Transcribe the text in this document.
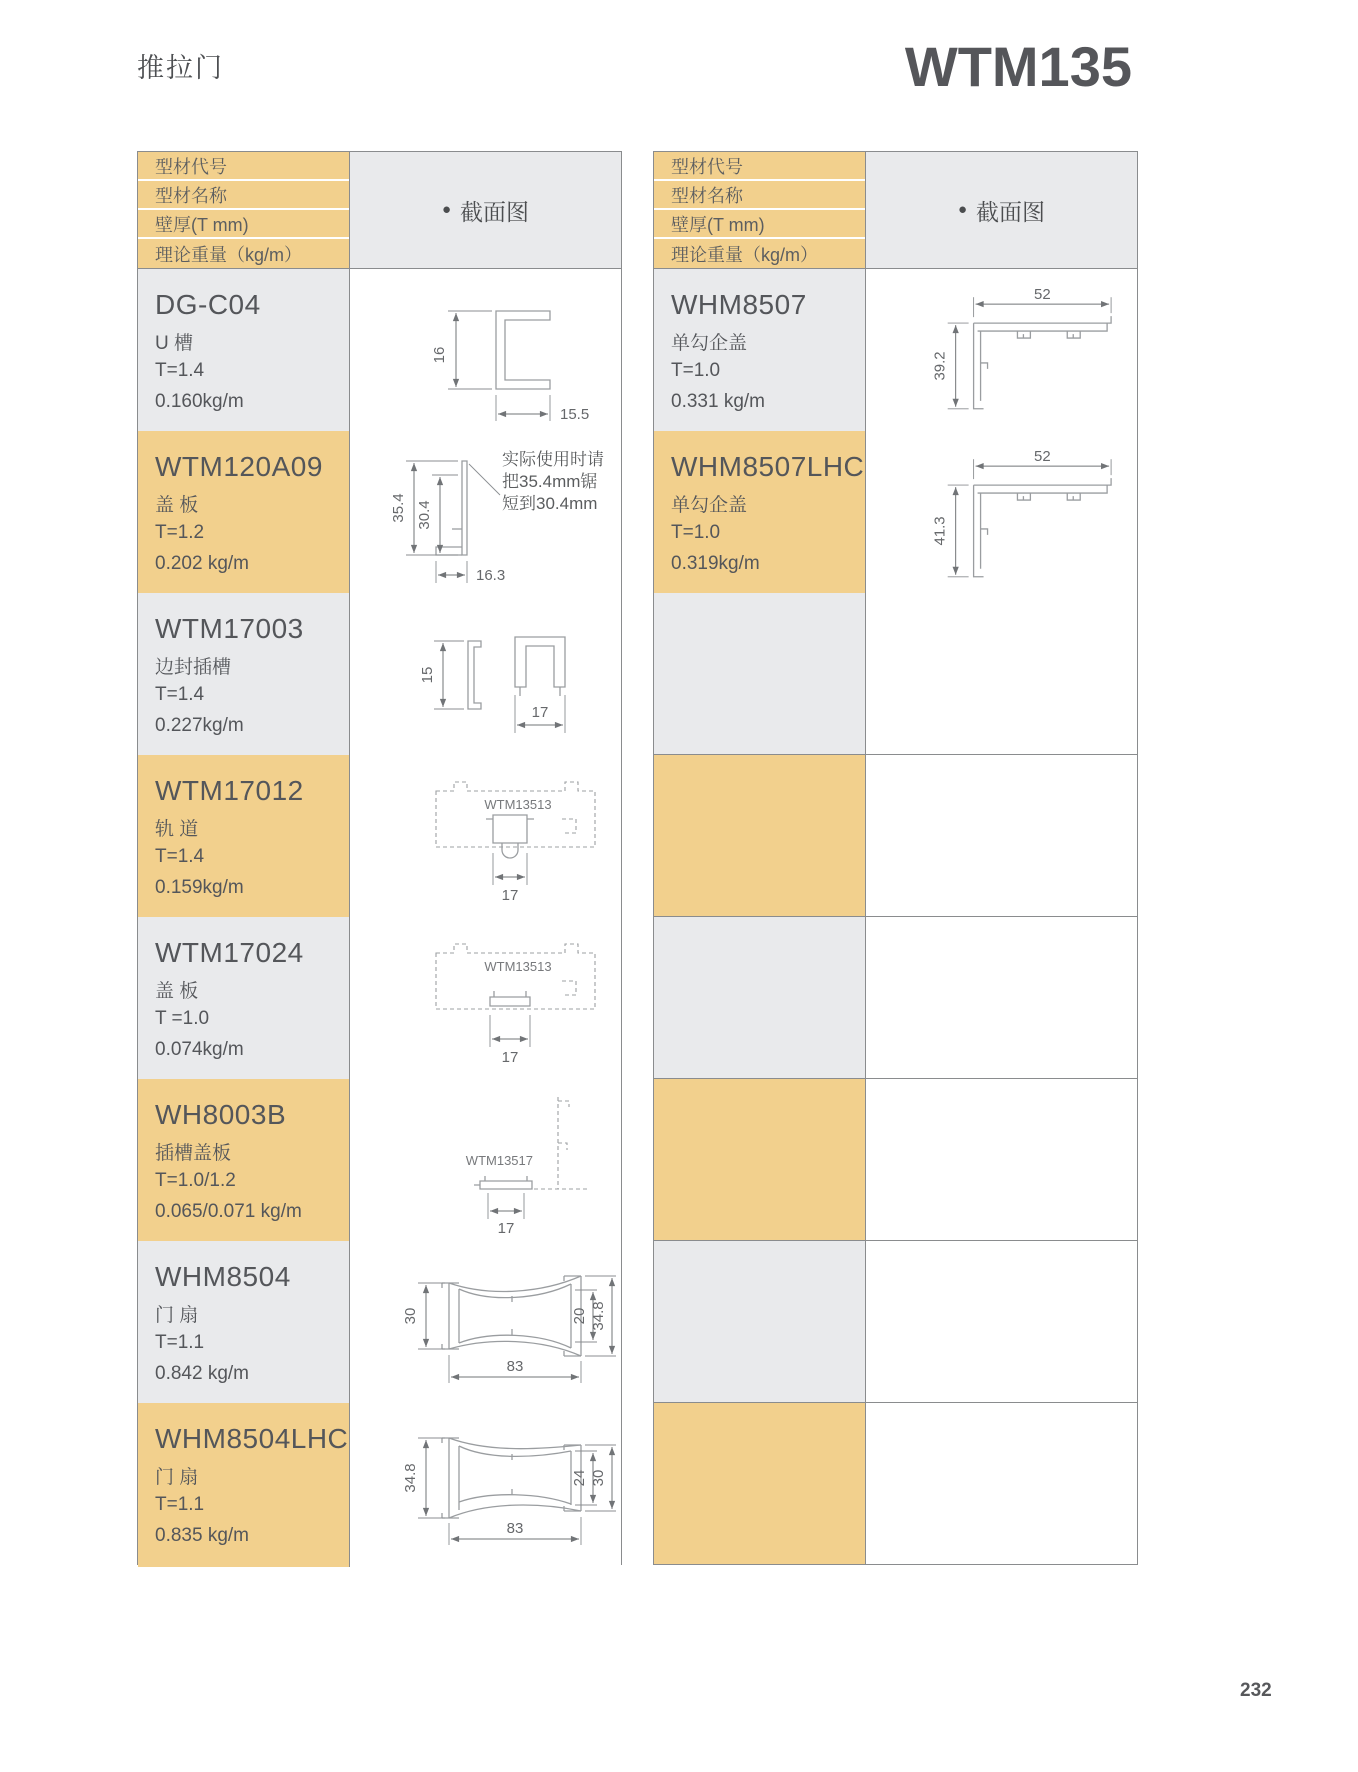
推拉门	WTM135
型材代号
型材名称
壁厚(T mm)
理论重量（kg/m）
● 截面图
DG-C04
U 槽
T=1.4
0.160kg/m
16
15.5
WTM120A09
盖 板
T=1.2
0.202 kg/m
实际使用时请
把35.4mm锯
短到30.4mm
35.4 30.4
16.3
WTM17003
边封插槽
T=1.4
0.227kg/m
15
17
WTM17012
轨 道
T=1.4
0.159kg/m
WTM13513
17
WTM17024
盖 板
T =1.0
0.074kg/m
WTM13513
17
WH8003B
插槽盖板
T=1.0/1.2
0.065/0.071 kg/m
WTM13517
17
WHM8504
门 扇
T=1.1
0.842 kg/m
30
83
20 34.8
WHM8504LHC
门 扇
T=1.1
0.835 kg/m
34.8
83
24 30
型材代号
型材名称
壁厚(T mm)
理论重量（kg/m）
● 截面图
WHM8507
单勾企盖
T=1.0
0.331 kg/m
52
39.2
WHM8507LHC
单勾企盖
T=1.0
0.319kg/m
52
41.3
232
